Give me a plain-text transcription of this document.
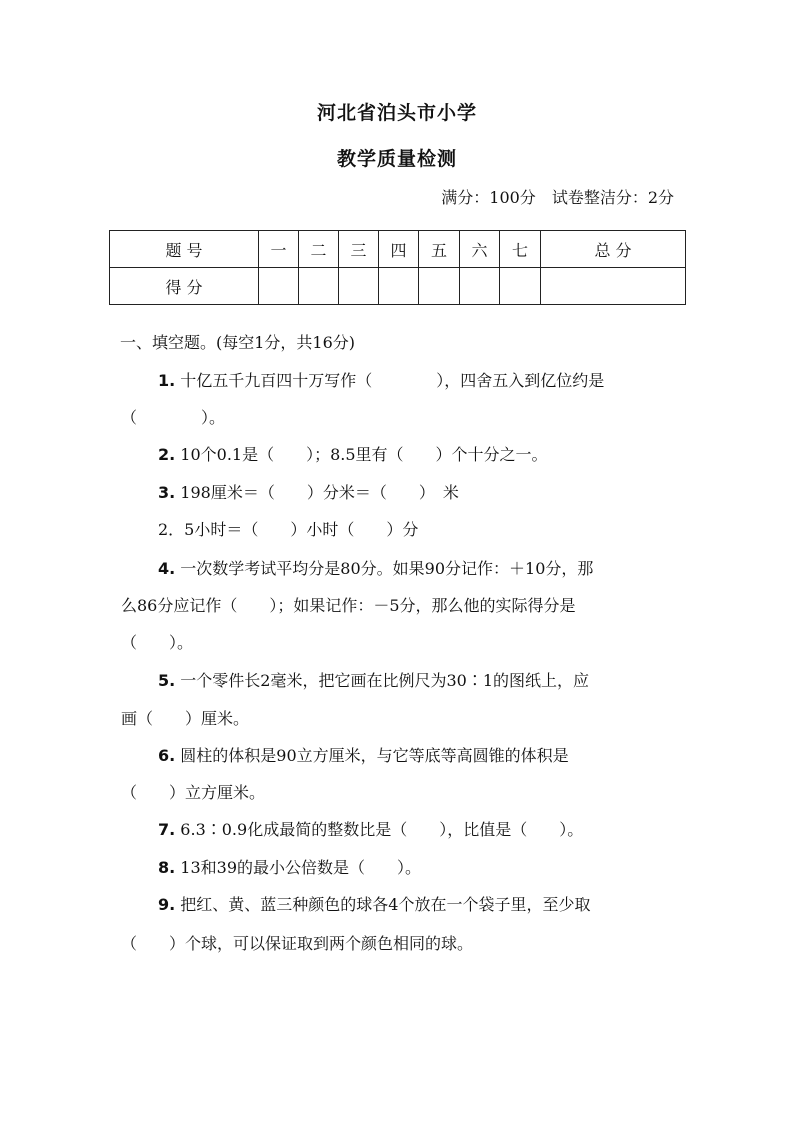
河北省泊头市小学
教学质量检测
满分：100分 试卷整洁分：2分
题 号	一	二	三	四	五	六	七	总 分
得 分								
一、填空题。(每空1分，共16分)
1. 十亿五千九百四十万写作（　　　　），四舍五入到亿位约是
（　　　　）。
2. 10个0.1是（　　）；8.5里有（　　）个十分之一。
3. 198厘米＝（　　）分米＝（　　）　米
2．5小时＝（　　）小时（　　）分
4. 一次数学考试平均分是80分。如果90分记作：＋10分，那
么86分应记作（　　）；如果记作：－5分，那么他的实际得分是
（　　）。
5. 一个零件长2毫米，把它画在比例尺为30∶1的图纸上，应
画（　　）厘米。
6. 圆柱的体积是90立方厘米，与它等底等高圆锥的体积是
（　　）立方厘米。
7. 6.3∶0.9化成最简的整数比是（　　），比值是（　　）。
8. 13和39的最小公倍数是（　　）。
9. 把红、黄、蓝三种颜色的球各4个放在一个袋子里，至少取
（　　）个球，可以保证取到两个颜色相同的球。
